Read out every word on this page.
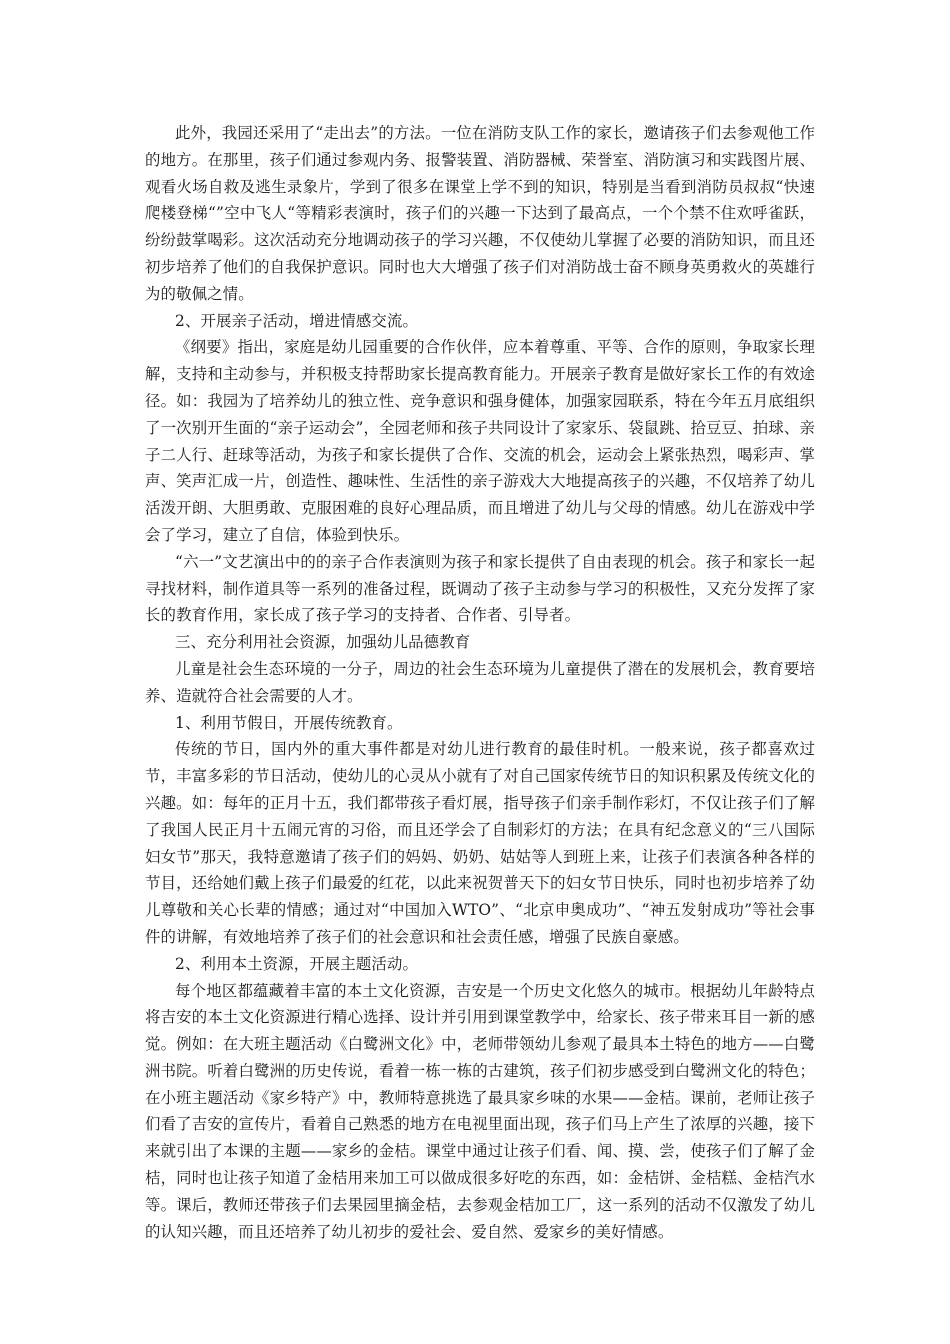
此外，我园还采用了“走出去”的方法。一位在消防支队工作的家长，邀请孩子们去参观他工作的地方。在那里，孩子们通过参观内务、报警装置、消防器械、荣誉室、消防演习和实践图片展、观看火场自救及逃生录象片，学到了很多在课堂上学不到的知识，特别是当看到消防员叔叔“快速爬楼登梯“”空中飞人“等精彩表演时，孩子们的兴趣一下达到了最高点，一个个禁不住欢呼雀跃，纷纷鼓掌喝彩。这次活动充分地调动孩子的学习兴趣，不仅使幼儿掌握了必要的消防知识，而且还初步培养了他们的自我保护意识。同时也大大增强了孩子们对消防战士奋不顾身英勇救火的英雄行为的敬佩之情。

2、开展亲子活动，增进情感交流。

《纲要》指出，家庭是幼儿园重要的合作伙伴，应本着尊重、平等、合作的原则，争取家长理解，支持和主动参与，并积极支持帮助家长提高教育能力。开展亲子教育是做好家长工作的有效途径。如：我园为了培养幼儿的独立性、竞争意识和强身健体，加强家园联系，特在今年五月底组织了一次别开生面的“亲子运动会”，全园老师和孩子共同设计了家家乐、袋鼠跳、拾豆豆、拍球、亲子二人行、赶球等活动，为孩子和家长提供了合作、交流的机会，运动会上紧张热烈，喝彩声、掌声、笑声汇成一片，创造性、趣味性、生活性的亲子游戏大大地提高孩子的兴趣，不仅培养了幼儿活泼开朗、大胆勇敢、克服困难的良好心理品质，而且增进了幼儿与父母的情感。幼儿在游戏中学会了学习，建立了自信，体验到快乐。

“六一”文艺演出中的的亲子合作表演则为孩子和家长提供了自由表现的机会。孩子和家长一起寻找材料，制作道具等一系列的准备过程，既调动了孩子主动参与学习的积极性，又充分发挥了家长的教育作用，家长成了孩子学习的支持者、合作者、引导者。

三、充分利用社会资源，加强幼儿品德教育

儿童是社会生态环境的一分子，周边的社会生态环境为儿童提供了潜在的发展机会，教育要培养、造就符合社会需要的人才。

1、利用节假日，开展传统教育。

传统的节日，国内外的重大事件都是对幼儿进行教育的最佳时机。一般来说，孩子都喜欢过节，丰富多彩的节日活动，使幼儿的心灵从小就有了对自己国家传统节日的知识积累及传统文化的兴趣。如：每年的正月十五，我们都带孩子看灯展，指导孩子们亲手制作彩灯，不仅让孩子们了解了我国人民正月十五闹元宵的习俗，而且还学会了自制彩灯的方法；在具有纪念意义的“三八国际妇女节”那天，我特意邀请了孩子们的妈妈、奶奶、姑姑等人到班上来，让孩子们表演各种各样的节目，还给她们戴上孩子们最爱的红花，以此来祝贺普天下的妇女节日快乐，同时也初步培养了幼儿尊敬和关心长辈的情感；通过对“中国加入WTO”、“北京申奥成功”、“神五发射成功”等社会事件的讲解，有效地培养了孩子们的社会意识和社会责任感，增强了民族自豪感。

2、利用本土资源，开展主题活动。

每个地区都蕴藏着丰富的本土文化资源，吉安是一个历史文化悠久的城市。根据幼儿年龄特点将吉安的本土文化资源进行精心选择、设计并引用到课堂教学中，给家长、孩子带来耳目一新的感觉。例如：在大班主题活动《白鹭洲文化》中，老师带领幼儿参观了最具本土特色的地方——白鹭洲书院。听着白鹭洲的历史传说，看着一栋一栋的古建筑，孩子们初步感受到白鹭洲文化的特色；在小班主题活动《家乡特产》中，教师特意挑选了最具家乡味的水果——金桔。课前，老师让孩子们看了吉安的宣传片，看着自己熟悉的地方在电视里面出现，孩子们马上产生了浓厚的兴趣，接下来就引出了本课的主题——家乡的金桔。课堂中通过让孩子们看、闻、摸、尝，使孩子们了解了金桔，同时也让孩子知道了金桔用来加工可以做成很多好吃的东西，如：金桔饼、金桔糕、金桔汽水等。课后，教师还带孩子们去果园里摘金桔，去参观金桔加工厂，这一系列的活动不仅激发了幼儿的认知兴趣，而且还培养了幼儿初步的爱社会、爱自然、爱家乡的美好情感。
